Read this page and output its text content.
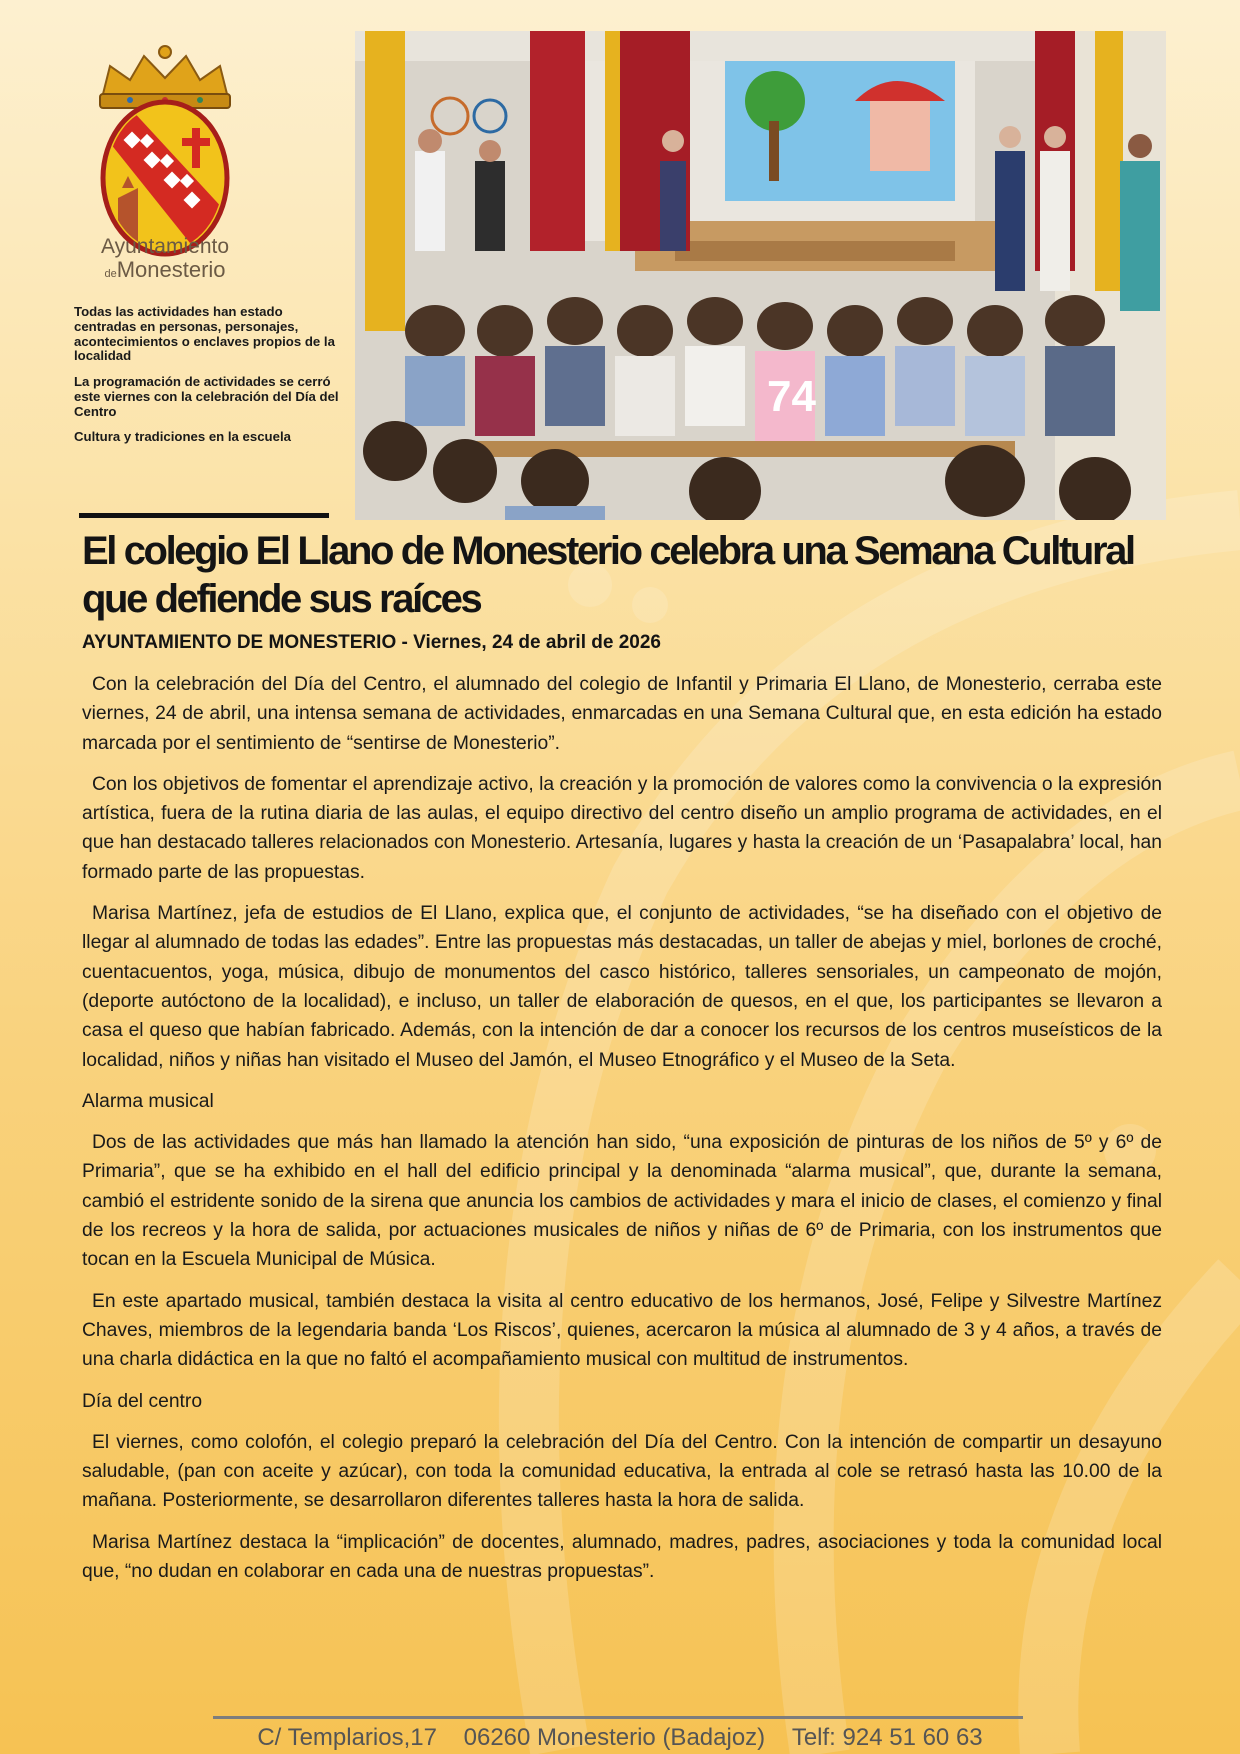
Ayuntamiento
deMonesterio

Todas las actividades han estado centradas en personas, personajes, acontecimientos o enclaves propios de la localidad

La programación de actividades se cerró este viernes con la celebración del Día del Centro

Cultura y tradiciones en la escuela

74
El colegio El Llano de Monesterio celebra una Semana Cultural que defiende sus raíces

AYUNTAMIENTO DE MONESTERIO - Viernes, 24 de abril de 2026

Con la celebración del Día del Centro, el alumnado del colegio de Infantil y Primaria El Llano, de Monesterio, cerraba este viernes, 24 de abril, una intensa semana de actividades, enmarcadas en una Semana Cultural que, en esta edición ha estado marcada por el sentimiento de “sentirse de Monesterio”.

Con los objetivos de fomentar el aprendizaje activo, la creación y la promoción de valores como la convivencia o la expresión artística, fuera de la rutina diaria de las aulas, el equipo directivo del centro diseño un amplio programa de actividades, en el que han destacado talleres relacionados con Monesterio. Artesanía, lugares y hasta la creación de un ‘Pasapalabra’ local, han formado parte de las propuestas.

Marisa Martínez, jefa de estudios de El Llano, explica que, el conjunto de actividades, “se ha diseñado con el objetivo de llegar al alumnado de todas las edades”. Entre las propuestas más destacadas, un taller de abejas y miel, borlones de croché, cuentacuentos, yoga, música, dibujo de monumentos del casco histórico, talleres sensoriales, un campeonato de mojón, (deporte autóctono de la localidad), e incluso, un taller de elaboración de quesos, en el que, los participantes se llevaron a casa el queso que habían fabricado. Además, con la intención de dar a conocer los recursos de los centros museísticos de la localidad, niños y niñas han visitado el Museo del Jamón, el Museo Etnográfico y el Museo de la Seta.

Alarma musical

Dos de las actividades que más han llamado la atención han sido, “una exposición de pinturas de los niños de 5º y 6º de Primaria”, que se ha exhibido en el hall del edificio principal y la denominada “alarma musical”, que, durante la semana, cambió el estridente sonido de la sirena que anuncia los cambios de actividades y mara el inicio de clases, el comienzo y final de los recreos y la hora de salida, por actuaciones musicales de niños y niñas de 6º de Primaria, con los instrumentos que tocan en la Escuela Municipal de Música.

En este apartado musical, también destaca la visita al centro educativo de los hermanos, José, Felipe y Silvestre Martínez Chaves, miembros de la legendaria banda ‘Los Riscos’, quienes, acercaron la música al alumnado de 3 y 4 años, a través de una charla didáctica en la que no faltó el acompañamiento musical con multitud de instrumentos.

Día del centro

El viernes, como colofón, el colegio preparó la celebración del Día del Centro. Con la intención de compartir un desayuno saludable, (pan con aceite y azúcar), con toda la comunidad educativa, la entrada al cole se retrasó hasta las 10.00 de la mañana. Posteriormente, se desarrollaron diferentes talleres hasta la hora de salida.

Marisa Martínez destaca la “implicación” de docentes, alumnado, madres, padres, asociaciones y toda la comunidad local que, “no dudan en colaborar en cada una de nuestras propuestas”.

C/ Templarios,17 06260 Monesterio (Badajoz) Telf: 924 51 60 63
